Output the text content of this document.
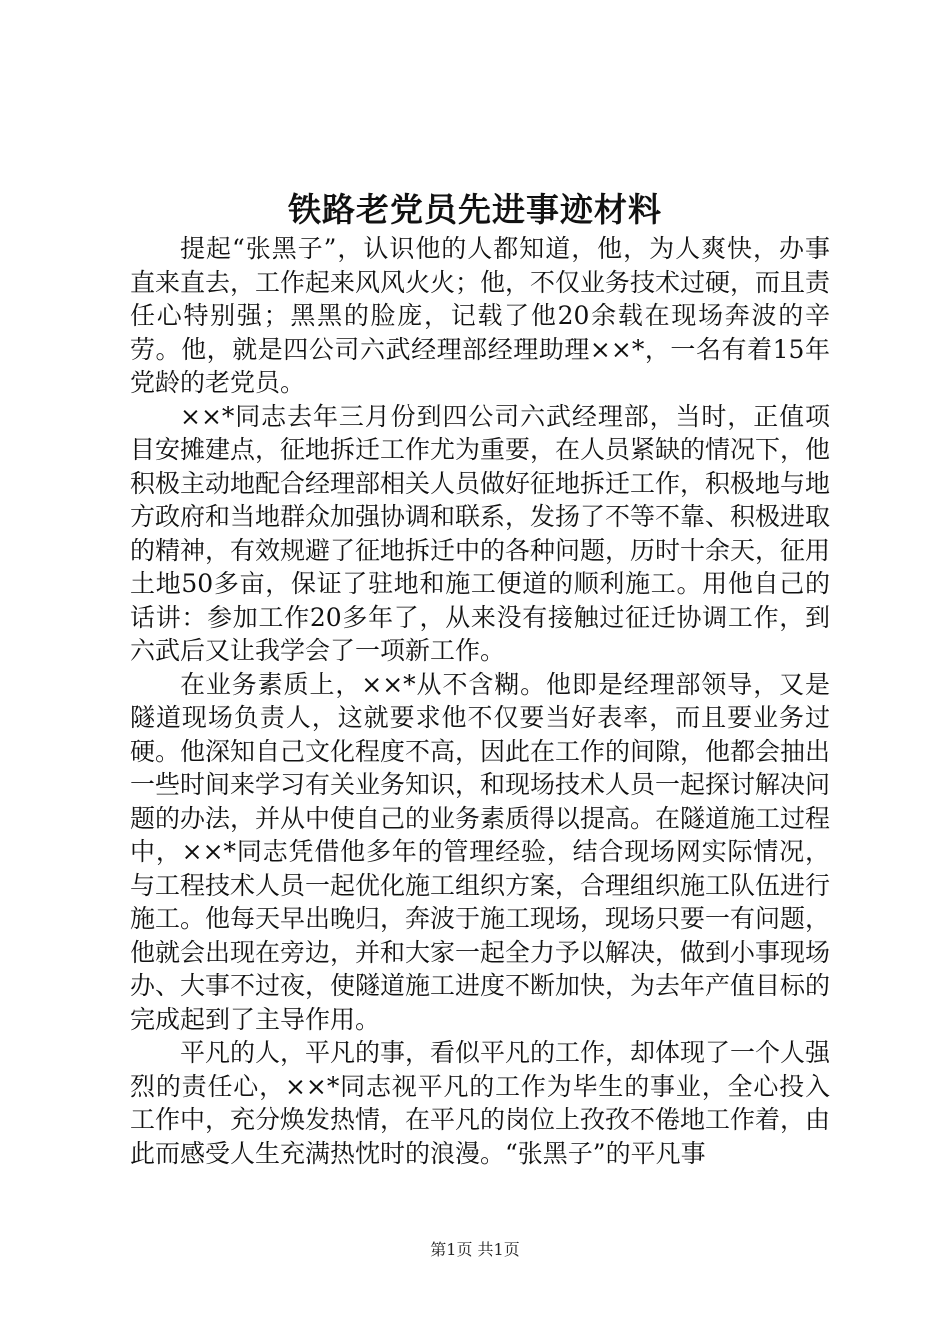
铁路老党员先进事迹材料

提起“张黑子”，认识他的人都知道，他，为人爽快，办事直来直去，工作起来风风火火；他，不仅业务技术过硬，而且责任心特别强；黑黑的脸庞，记载了他20余载在现场奔波的辛劳。他，就是四公司六武经理部经理助理××*，一名有着15年党龄的老党员。

××*同志去年三月份到四公司六武经理部，当时，正值项目安摊建点，征地拆迁工作尤为重要，在人员紧缺的情况下，他积极主动地配合经理部相关人员做好征地拆迁工作，积极地与地方政府和当地群众加强协调和联系，发扬了不等不靠、积极进取的精神，有效规避了征地拆迁中的各种问题，历时十余天，征用土地50多亩，保证了驻地和施工便道的顺利施工。用他自己的话讲：参加工作20多年了，从来没有接触过征迁协调工作，到六武后又让我学会了一项新工作。

在业务素质上，××*从不含糊。他即是经理部领导，又是隧道现场负责人，这就要求他不仅要当好表率，而且要业务过硬。他深知自己文化程度不高，因此在工作的间隙，他都会抽出一些时间来学习有关业务知识，和现场技术人员一起探讨解决问题的办法，并从中使自己的业务素质得以提高。在隧道施工过程中，××*同志凭借他多年的管理经验，结合现场网实际情况，与工程技术人员一起优化施工组织方案，合理组织施工队伍进行施工。他每天早出晚归，奔波于施工现场，现场只要一有问题，他就会出现在旁边，并和大家一起全力予以解决，做到小事现场办、大事不过夜，使隧道施工进度不断加快，为去年产值目标的完成起到了主导作用。

平凡的人，平凡的事，看似平凡的工作，却体现了一个人强烈的责任心，××*同志视平凡的工作为毕生的事业，全心投入工作中，充分焕发热情，在平凡的岗位上孜孜不倦地工作着，由此而感受人生充满热忱时的浪漫。“张黑子”的平凡事

第1页 共1页
